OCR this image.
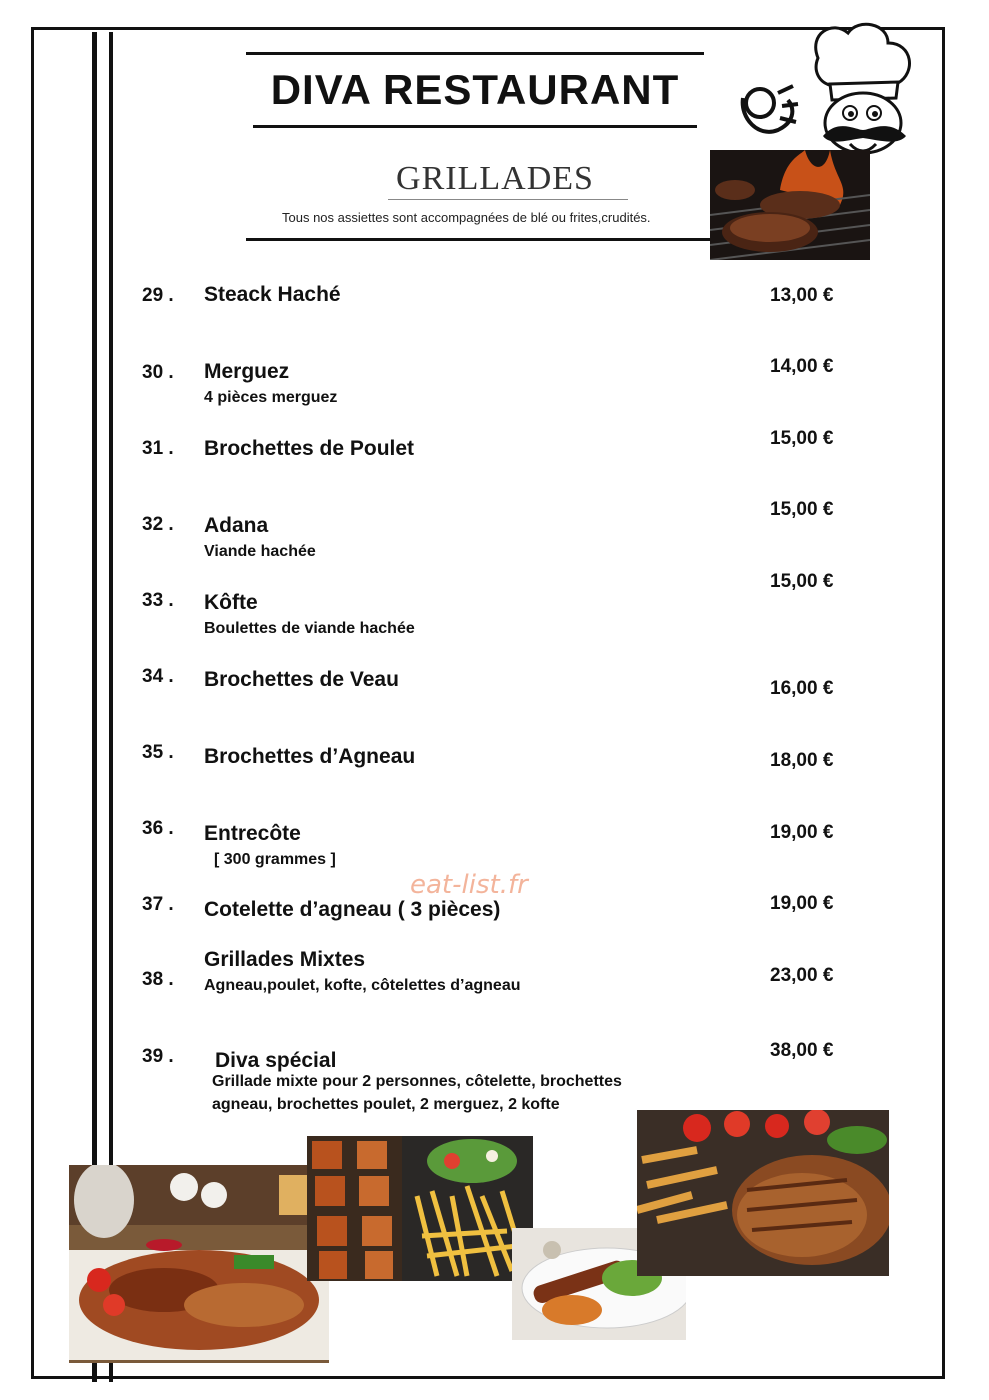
DIVA RESTAURANT
GRILLADES
Tous nos assiettes sont accompagnées de blé ou frites,crudités.
29 . Steack Haché	13,00 €
30 . Merguez
4 pièces merguez
14,00 €
31 . Brochettes de Poulet	15,00 €
32 . Adana
Viande hachée
15,00 €
33 . Kôfte
Boulettes de viande hachée
15,00 €
34 . Brochettes de Veau	16,00 €
35 . Brochettes d’Agneau	18,00 €
36 . Entrecôte
[ 300 grammes ]
19,00 €
eat-list.fr
37 . Cotelette d’agneau ( 3 pièces)	19,00 €
38 .
Grillades Mixtes
Agneau,poulet, kofte, côtelettes d’agneau	23,00 €
39 . Diva spécial
Grillade mixte pour 2 personnes, côtelette, brochettes
agneau, brochettes poulet, 2 merguez, 2 kofte
38,00 €
